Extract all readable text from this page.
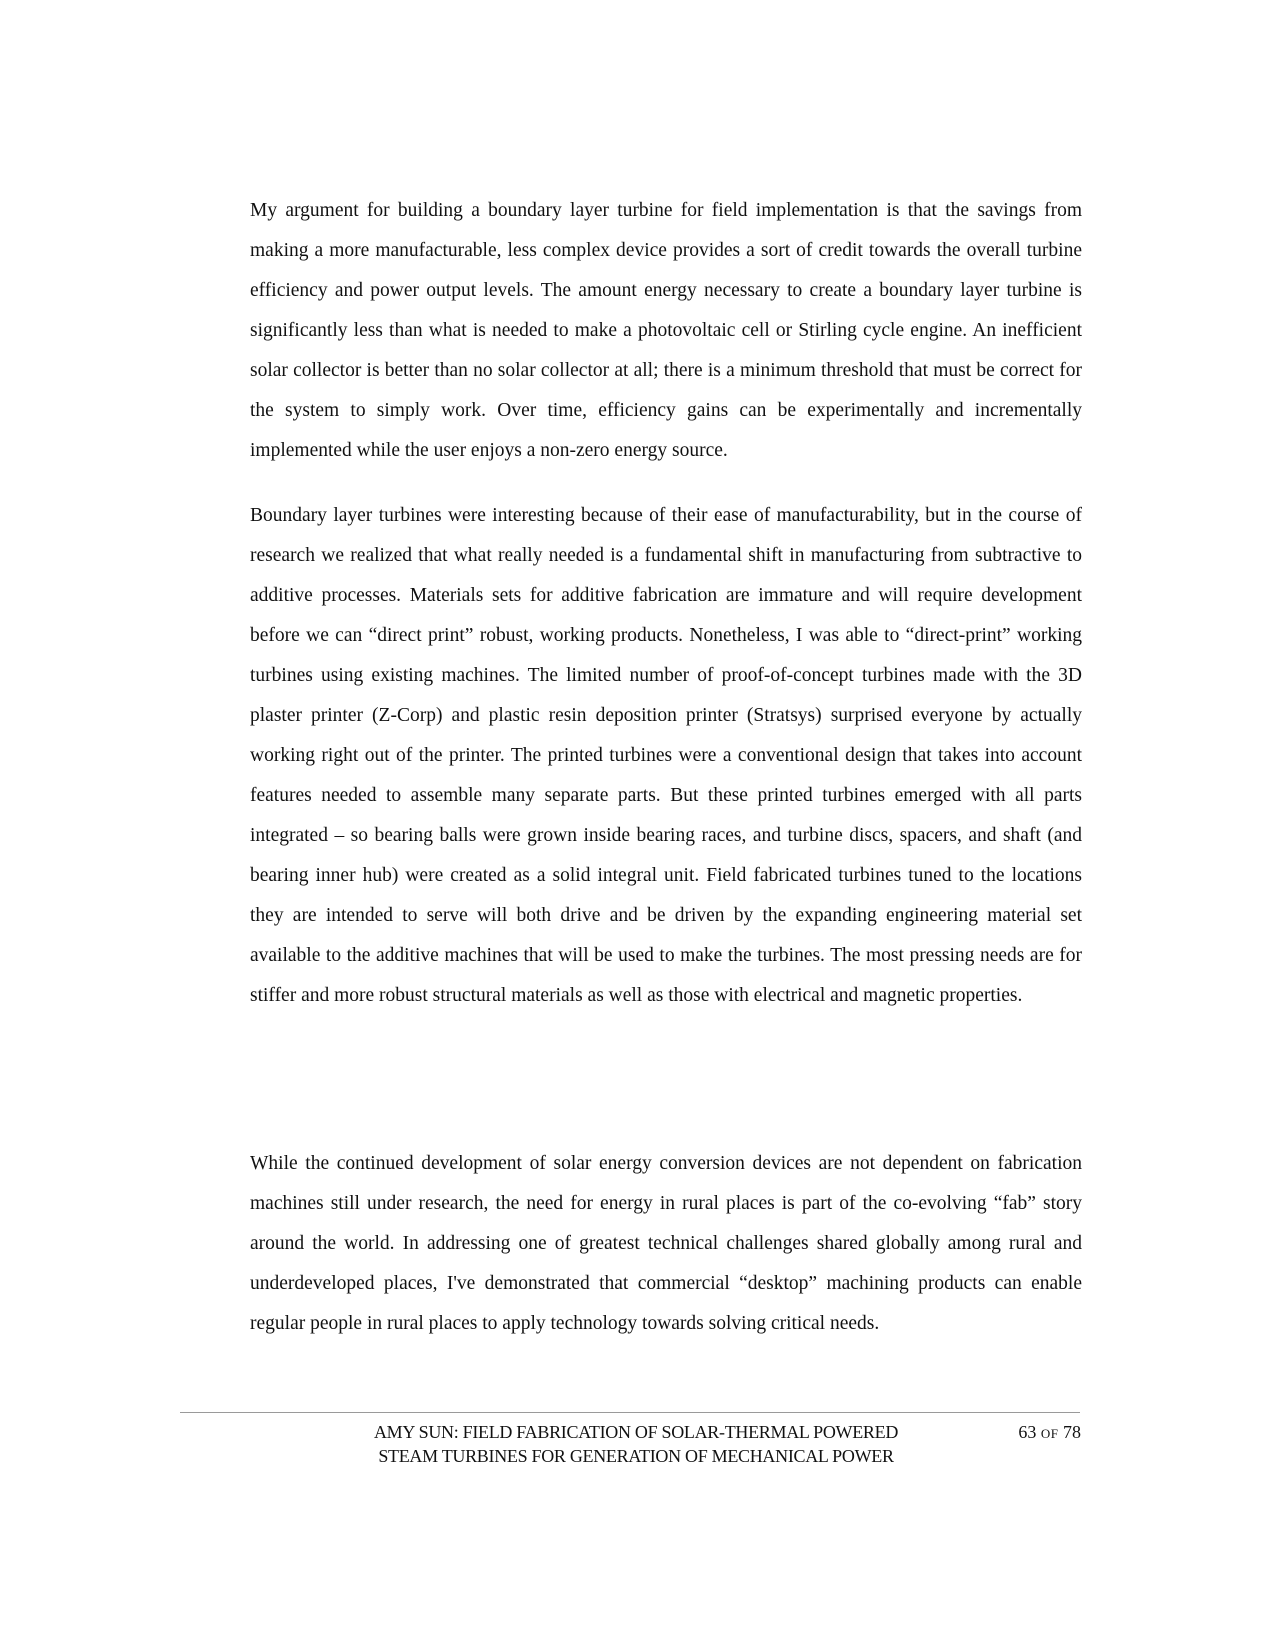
My argument for building a boundary layer turbine for field implementation is that the savings from making a more manufacturable, less complex device provides a sort of credit towards the overall turbine efficiency and power output levels. The amount energy necessary to create a boundary layer turbine is significantly less than what is needed to make a photovoltaic cell or Stirling cycle engine. An inefficient solar collector is better than no solar collector at all; there is a minimum threshold that must be correct for the system to simply work. Over time, efficiency gains can be experimentally and incrementally implemented while the user enjoys a non-zero energy source.

Boundary layer turbines were interesting because of their ease of manufacturability, but in the course of research we realized that what really needed is a fundamental shift in manufacturing from subtractive to additive processes. Materials sets for additive fabrication are immature and will require development before we can “direct print” robust, working products. Nonetheless, I was able to “direct-print” working turbines using existing machines. The limited number of proof-of-concept turbines made with the 3D plaster printer (Z-Corp) and plastic resin deposition printer (Stratsys) surprised everyone by actually working right out of the printer. The printed turbines were a conventional design that takes into account features needed to assemble many separate parts. But these printed turbines emerged with all parts integrated – so bearing balls were grown inside bearing races, and turbine discs, spacers, and shaft (and bearing inner hub) were created as a solid integral unit. Field fabricated turbines tuned to the locations they are intended to serve will both drive and be driven by the expanding engineering material set available to the additive machines that will be used to make the turbines. The most pressing needs are for stiffer and more robust structural materials as well as those with electrical and magnetic properties.

While the continued development of solar energy conversion devices are not dependent on fabrication machines still under research, the need for energy in rural places is part of the co-evolving “fab” story around the world. In addressing one of greatest technical challenges shared globally among rural and underdeveloped places, I've demonstrated that commercial “desktop” machining products can enable regular people in rural places to apply technology towards solving critical needs.

AMY SUN: FIELD FABRICATION OF SOLAR-THERMAL POWERED
STEAM TURBINES FOR GENERATION OF MECHANICAL POWER
63 OF 78
